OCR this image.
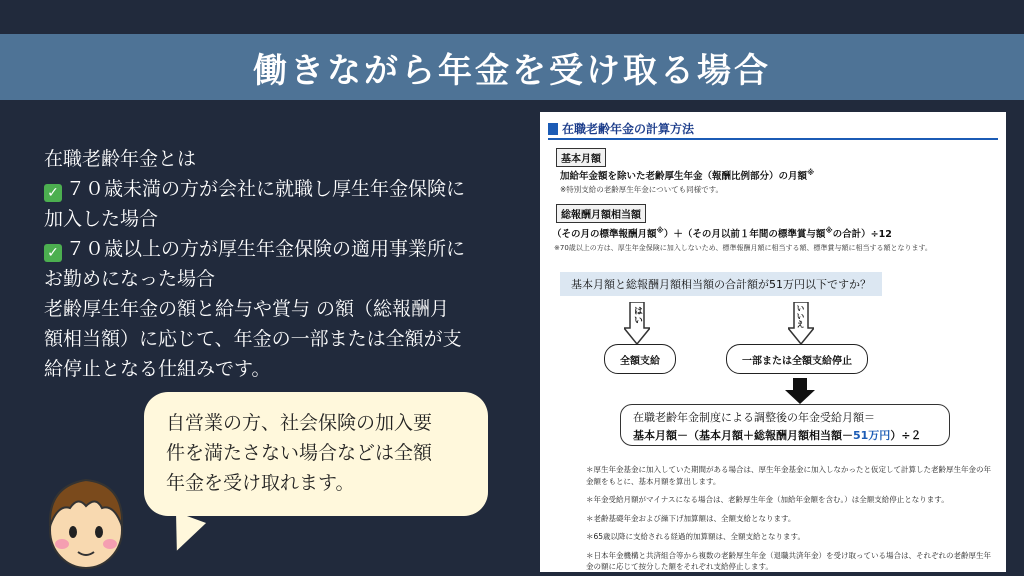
働きながら年金を受け取る場合
在職老齢年金とは
✓ ７０歳未満の方が会社に就職し厚生年金保険に
加入した場合
✓ ７０歳以上の方が厚生年金保険の適用事業所に
お勤めになった場合
老齢厚生年金の額と給与や賞与 の額（総報酬月
額相当額）に応じて、年金の一部または全額が支
給停止となる仕組みです。
自営業の方、社会保険の加入要
件を満たさない場合などは全額
年金を受け取れます。
在職老齢年金の計算方法
基本月額
加給年金額を除いた老齢厚生年金（報酬比例部分）の月額※
※特別支給の老齢厚生年金についても同様です。
総報酬月額相当額
（その月の標準報酬月額※）＋（その月以前１年間の標準賞与額※の合計）÷12
※70歳以上の方は、厚生年金保険に加入しないため、標準報酬月額に相当する額、標準賞与額に相当する額となります。
基本月額と総報酬月額相当額の合計額が51万円以下ですか？
はい	いいえ
全額支給	一部または全額支給停止
在職老齢年金制度による調整後の年金受給月額＝
基本月額－（基本月額＋総報酬月額相当額－51万円）÷２
＊厚生年金基金に加入していた期間がある場合は、厚生年金基金に加入しなかったと仮定して計算した老齢厚生年金の年金額をもとに、基本月額を算出します。
＊年金受給月額がマイナスになる場合は、老齢厚生年金（加給年金額を含む。）は全額支給停止となります。
＊老齢基礎年金および繰下げ加算額は、全額支給となります。
＊65歳以降に支給される経過的加算額は、全額支給となります。
＊日本年金機構と共済組合等から複数の老齢厚生年金（退職共済年金）を受け取っている場合は、それぞれの老齢厚生年金の額に応じて按分した額をそれぞれ支給停止します。
